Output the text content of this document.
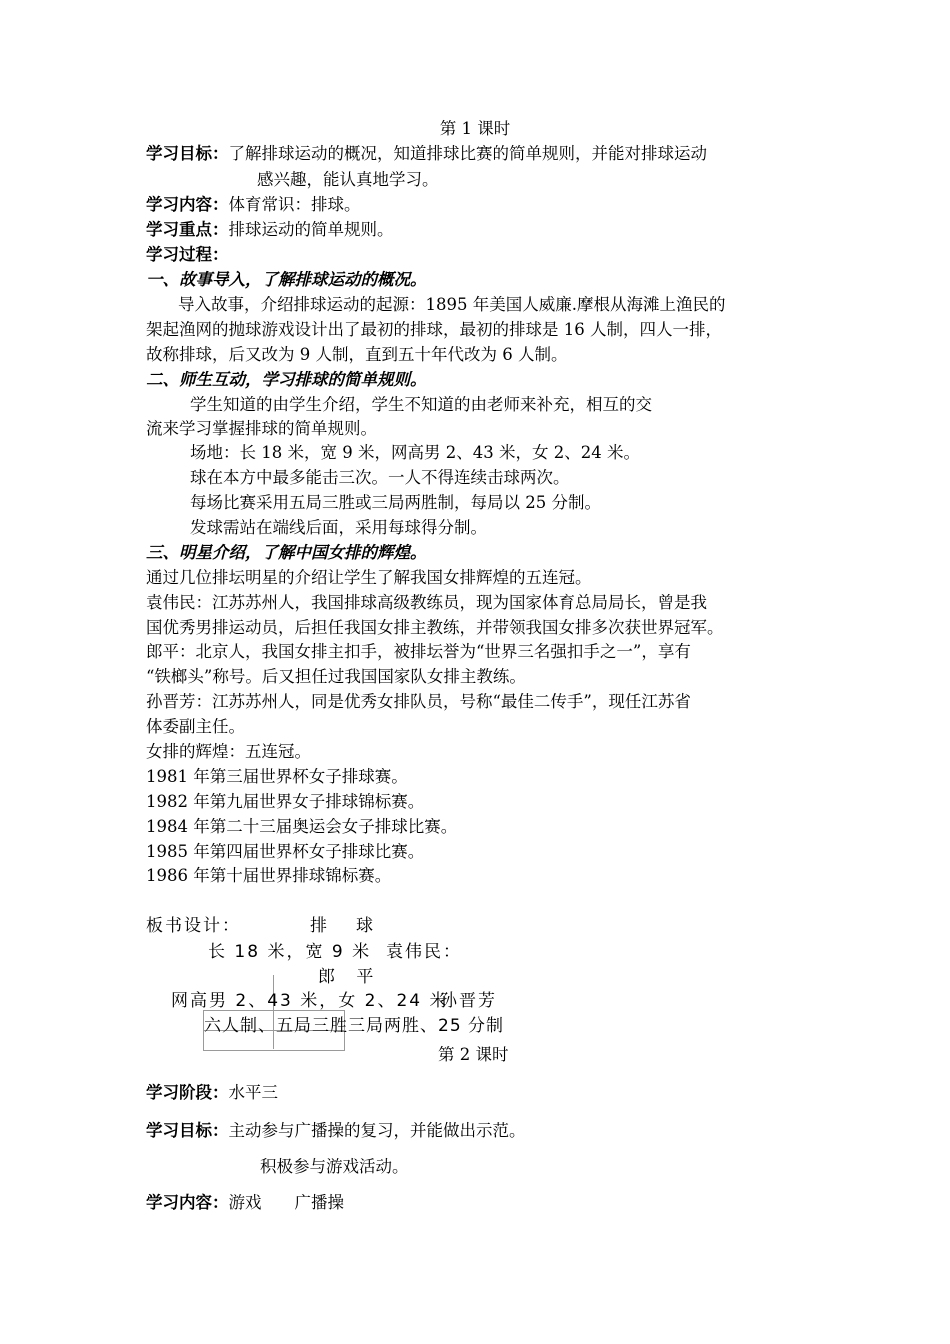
第 1 课时
学习目标：了解排球运动的概况，知道排球比赛的简单规则，并能对排球运动
感兴趣，能认真地学习。
学习内容：体育常识：排球。
学习重点：排球运动的简单规则。
学习过程：
一、故事导入，了解排球运动的概况。
导入故事，介绍排球运动的起源：1895 年美国人威廉.摩根从海滩上渔民的
架起渔网的抛球游戏设计出了最初的排球，最初的排球是 16 人制，四人一排，
故称排球，后又改为 9 人制，直到五十年代改为 6 人制。
二、师生互动，学习排球的简单规则。
学生知道的由学生介绍，学生不知道的由老师来补充，相互的交
流来学习掌握排球的简单规则。
场地：长 18 米，宽 9 米，网高男 2、43 米，女 2、24 米。
球在本方中最多能击三次。一人不得连续击球两次。
每场比赛采用五局三胜或三局两胜制，每局以 25 分制。
发球需站在端线后面，采用每球得分制。
三、明星介绍，了解中国女排的辉煌。
通过几位排坛明星的介绍让学生了解我国女排辉煌的五连冠。
袁伟民：江苏苏州人，我国排球高级教练员，现为国家体育总局局长，曾是我
国优秀男排运动员，后担任我国女排主教练，并带领我国女排多次获世界冠军。
郎平：北京人，我国女排主扣手，被排坛誉为“世界三名强扣手之一”，享有
“铁榔头”称号。后又担任过我国国家队女排主教练。
孙晋芳：江苏苏州人，同是优秀女排队员，号称“最佳二传手”，现任江苏省
体委副主任。
女排的辉煌：五连冠。
1981 年第三届世界杯女子排球赛。
1982 年第九届世界女子排球锦标赛。
1984 年第二十三届奥运会女子排球比赛。
1985 年第四届世界杯女子排球比赛。
1986 年第十届世界排球锦标赛。
板书设计：	排　球
长 18 米，宽 9 米 袁伟民：
郎 平
网高男 2、43 米，女 2、24 米
孙晋芳
六人制、五局三胜三局两胜、25 分制
第 2 课时
学习阶段：水平三
学习目标：主动参与广播操的复习，并能做出示范。
积极参与游戏活动。
学习内容：游戏　　广播操
